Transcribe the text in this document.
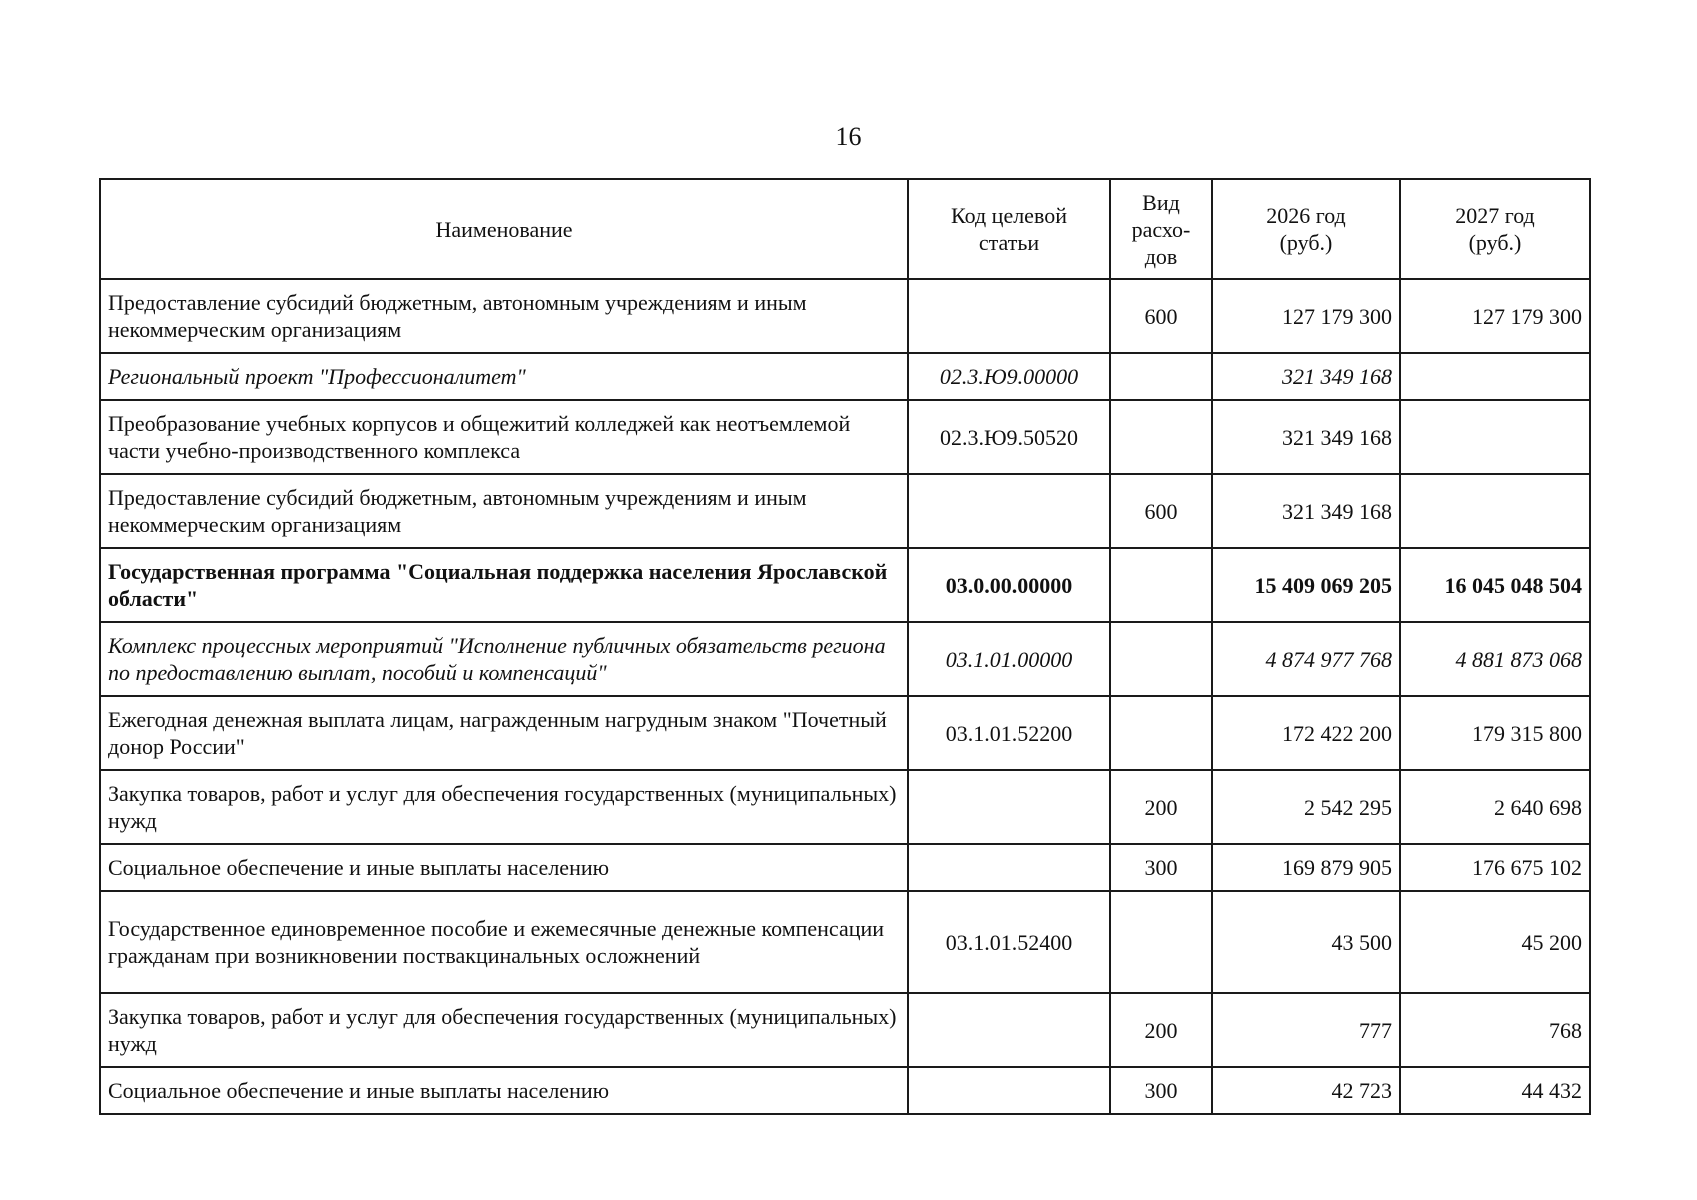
16
Наименование	Код целевой статьи	Вид расхо-дов	2026 год (руб.)	2027 год (руб.)
Предоставление субсидий бюджетным, автономным учреждениям и иным некоммерческим организациям		600	127 179 300	127 179 300
Региональный проект "Профессионалитет"	02.3.Ю9.00000		321 349 168	
Преобразование учебных корпусов и общежитий колледжей как неотъемлемой части учебно-производственного комплекса	02.3.Ю9.50520		321 349 168	
Предоставление субсидий бюджетным, автономным учреждениям и иным некоммерческим организациям		600	321 349 168	
Государственная программа "Социальная поддержка населения Ярославской области"	03.0.00.00000		15 409 069 205	16 045 048 504
Комплекс процессных мероприятий "Исполнение публичных обязательств региона по предоставлению выплат, пособий и компенсаций"	03.1.01.00000		4 874 977 768	4 881 873 068
Ежегодная денежная выплата лицам, награжденным нагрудным знаком "Почетный донор России"	03.1.01.52200		172 422 200	179 315 800
Закупка товаров, работ и услуг для обеспечения государственных (муниципальных) нужд		200	2 542 295	2 640 698
Социальное обеспечение и иные выплаты населению		300	169 879 905	176 675 102
Государственное единовременное пособие и ежемесячные денежные компенсации гражданам при возникновении поствакцинальных осложнений	03.1.01.52400		43 500	45 200
Закупка товаров, работ и услуг для обеспечения государственных (муниципальных) нужд		200	777	768
Социальное обеспечение и иные выплаты населению		300	42 723	44 432
